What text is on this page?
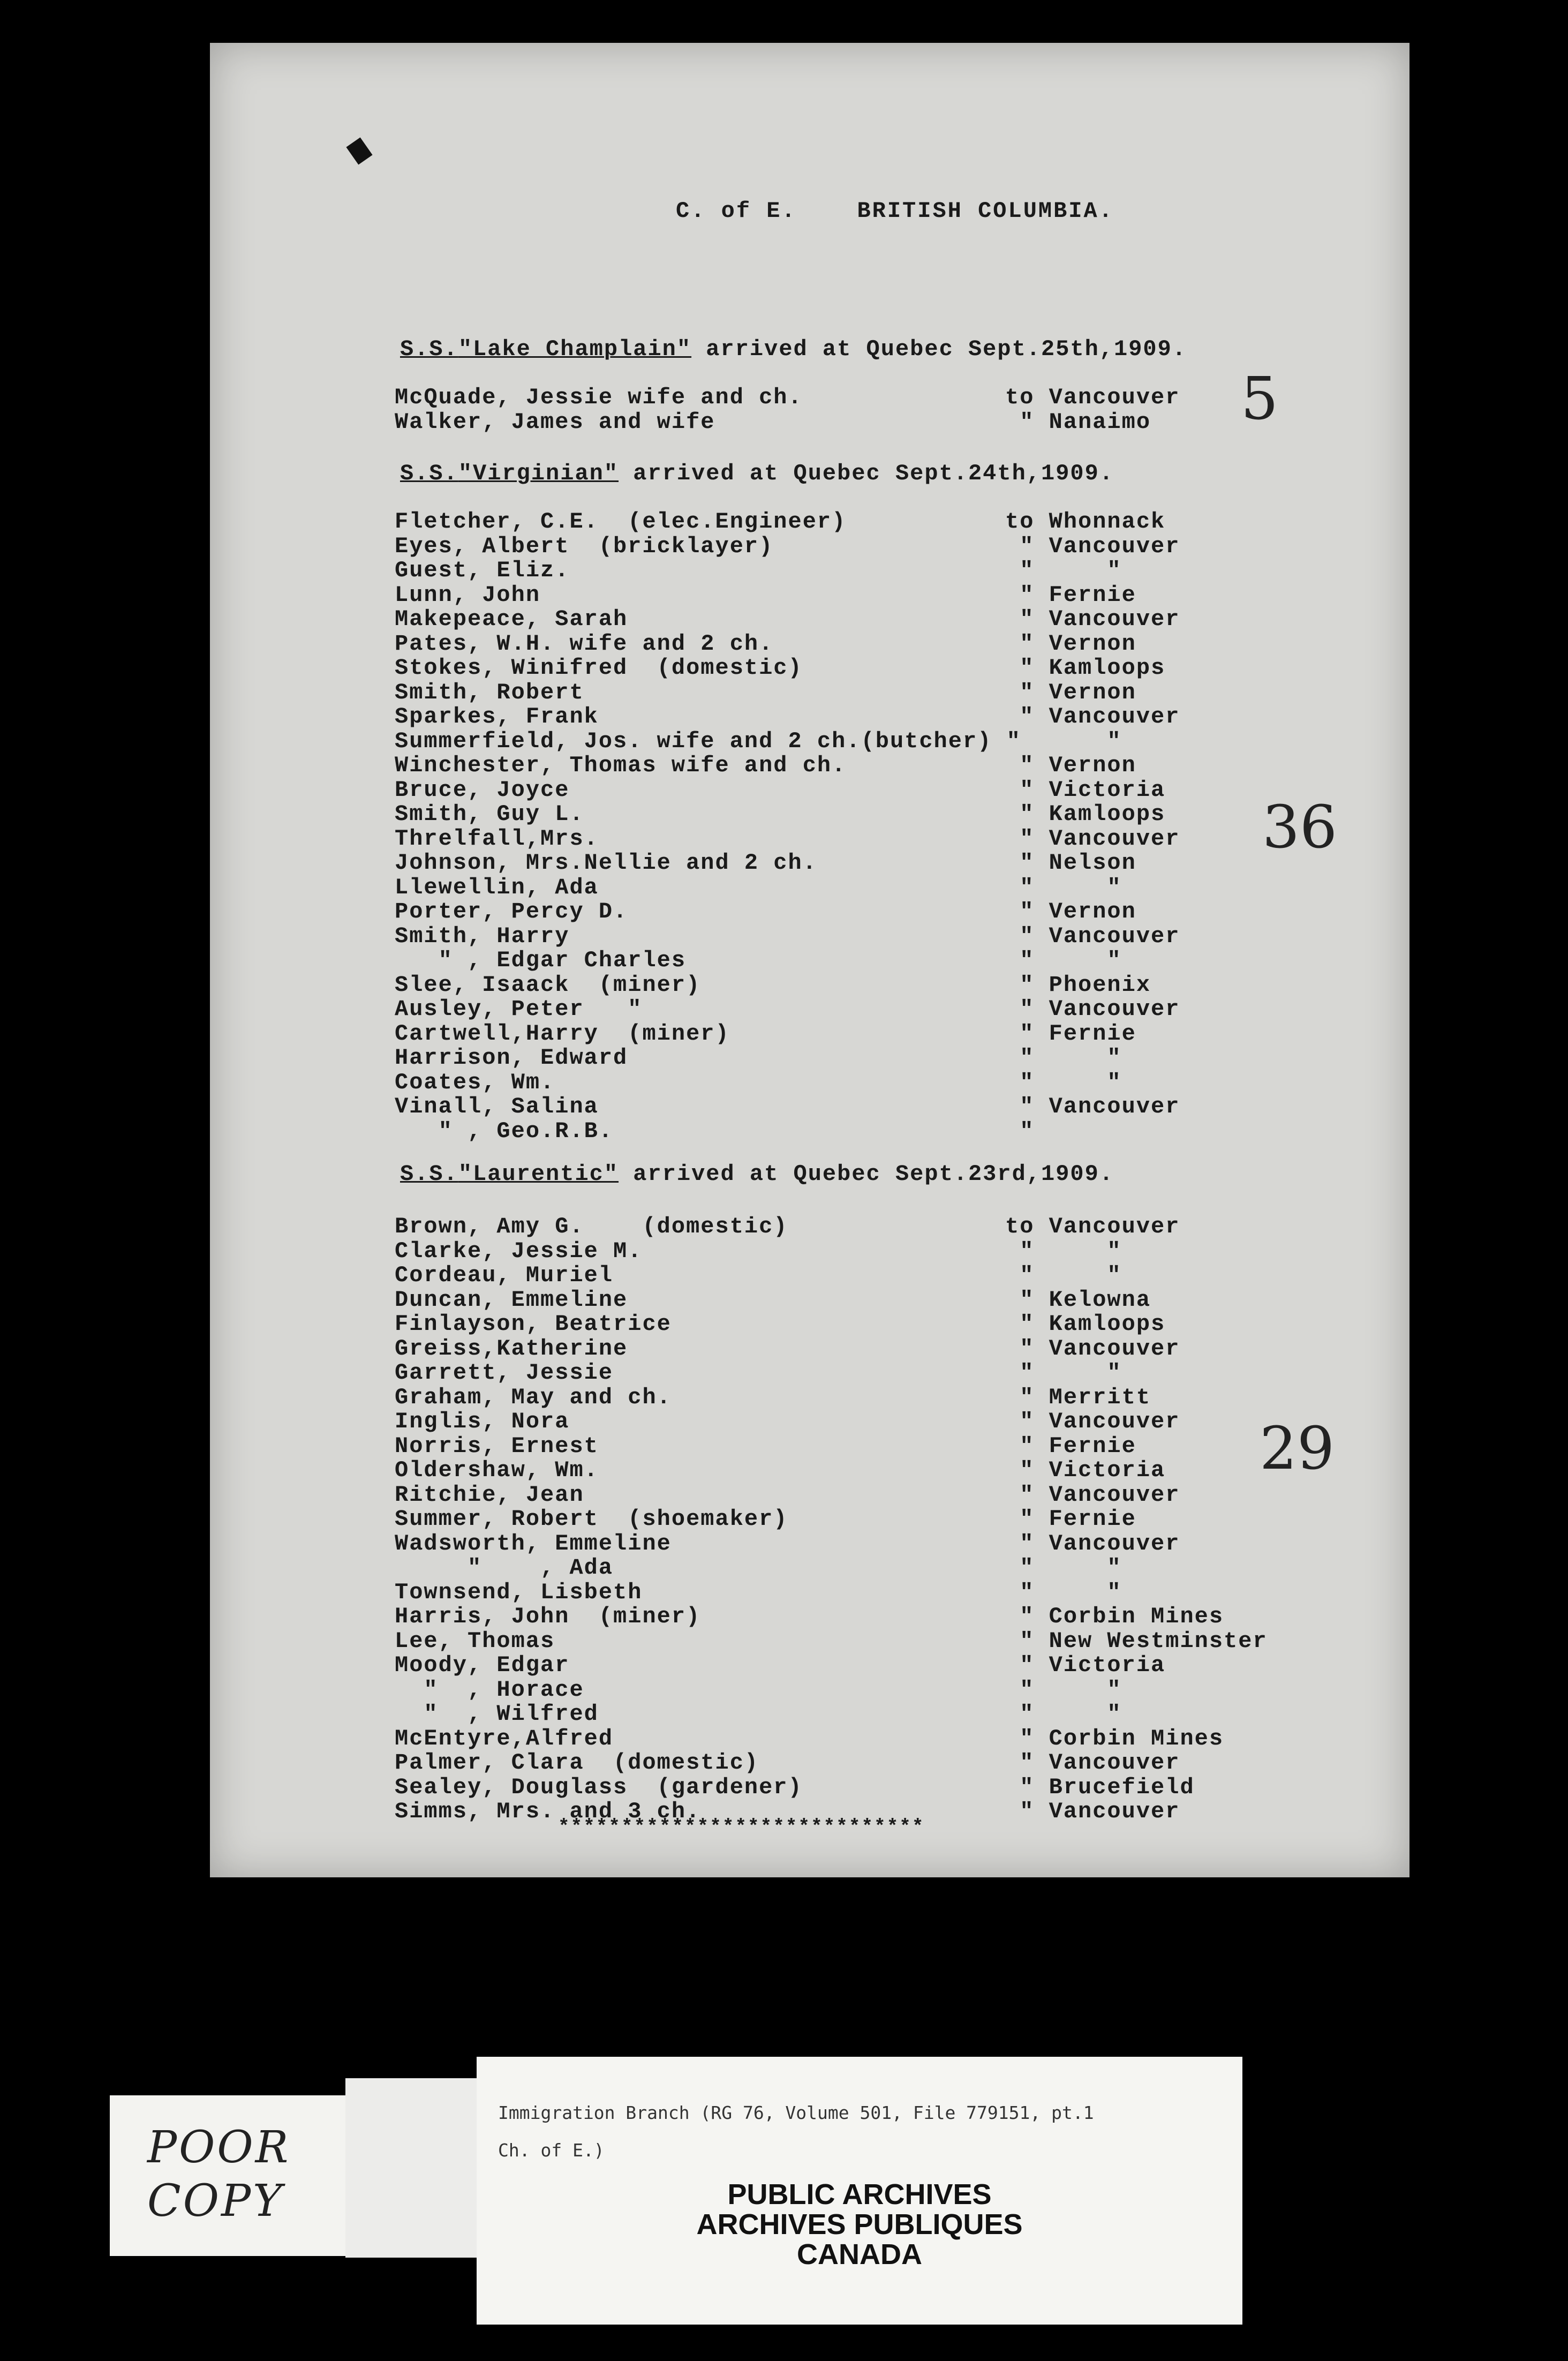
C. of E.    BRITISH COLUMBIA.
S.S."Lake Champlain" arrived at Quebec Sept.25th,1909.
McQuade, Jessie wife and ch.
Walker, James and wife
to Vancouver
" Nanaimo	5
S.S."Virginian" arrived at Quebec Sept.24th,1909.
Fletcher, C.E.  (elec.Engineer)
Eyes, Albert  (bricklayer)
Guest, Eliz.
Lunn, John
Makepeace, Sarah
Pates, W.H. wife and 2 ch.
Stokes, Winifred  (domestic)
Smith, Robert
Sparkes, Frank
Summerfield, Jos. wife and 2 ch.(butcher) "
Winchester, Thomas wife and ch.
Bruce, Joyce
Smith, Guy L.
Threlfall,Mrs.
Johnson, Mrs.Nellie and 2 ch.
Llewellin, Ada
Porter, Percy D.
Smith, Harry
" , Edgar Charles
Slee, Isaack  (miner)
Ausley, Peter   "
Cartwell,Harry  (miner)
Harrison, Edward
Coates, Wm.
Vinall, Salina
" , Geo.R.B.
to Whonnack
" Vancouver
"     "
" Fernie
" Vancouver
" Vernon
" Kamloops
" Vernon
" Vancouver
"
" Vernon
" Victoria
" Kamloops
" Vancouver
" Nelson
"     "
" Vernon
" Vancouver
"     "
" Phoenix
" Vancouver
" Fernie
"     "
"     "
" Vancouver
"
36
S.S."Laurentic" arrived at Quebec Sept.23rd,1909.
Brown, Amy G.    (domestic)
Clarke, Jessie M.
Cordeau, Muriel
Duncan, Emmeline
Finlayson, Beatrice
Greiss,Katherine
Garrett, Jessie
Graham, May and ch.
Inglis, Nora
Norris, Ernest
Oldershaw, Wm.
Ritchie, Jean
Summer, Robert  (shoemaker)
Wadsworth, Emmeline
"    , Ada
Townsend, Lisbeth
Harris, John  (miner)
Lee, Thomas
Moody, Edgar
"  , Horace
"  , Wilfred
McEntyre,Alfred
Palmer, Clara  (domestic)
Sealey, Douglass  (gardener)
Simms, Mrs. and 3 ch.
to Vancouver
"     "
"     "
" Kelowna
" Kamloops
" Vancouver
"     "
" Merritt
" Vancouver
" Fernie
" Victoria
" Vancouver
" Fernie
" Vancouver
"     "
"     "
" Corbin Mines
" New Westminster
" Victoria
"     "
"     "
" Corbin Mines
" Vancouver
" Brucefield
" Vancouver
29
*****************************
POOR
COPY
Immigration Branch (RG 76, Volume 501, File 779151, pt.1
Ch. of E.)
PUBLIC ARCHIVES
ARCHIVES PUBLIQUES
CANADA
